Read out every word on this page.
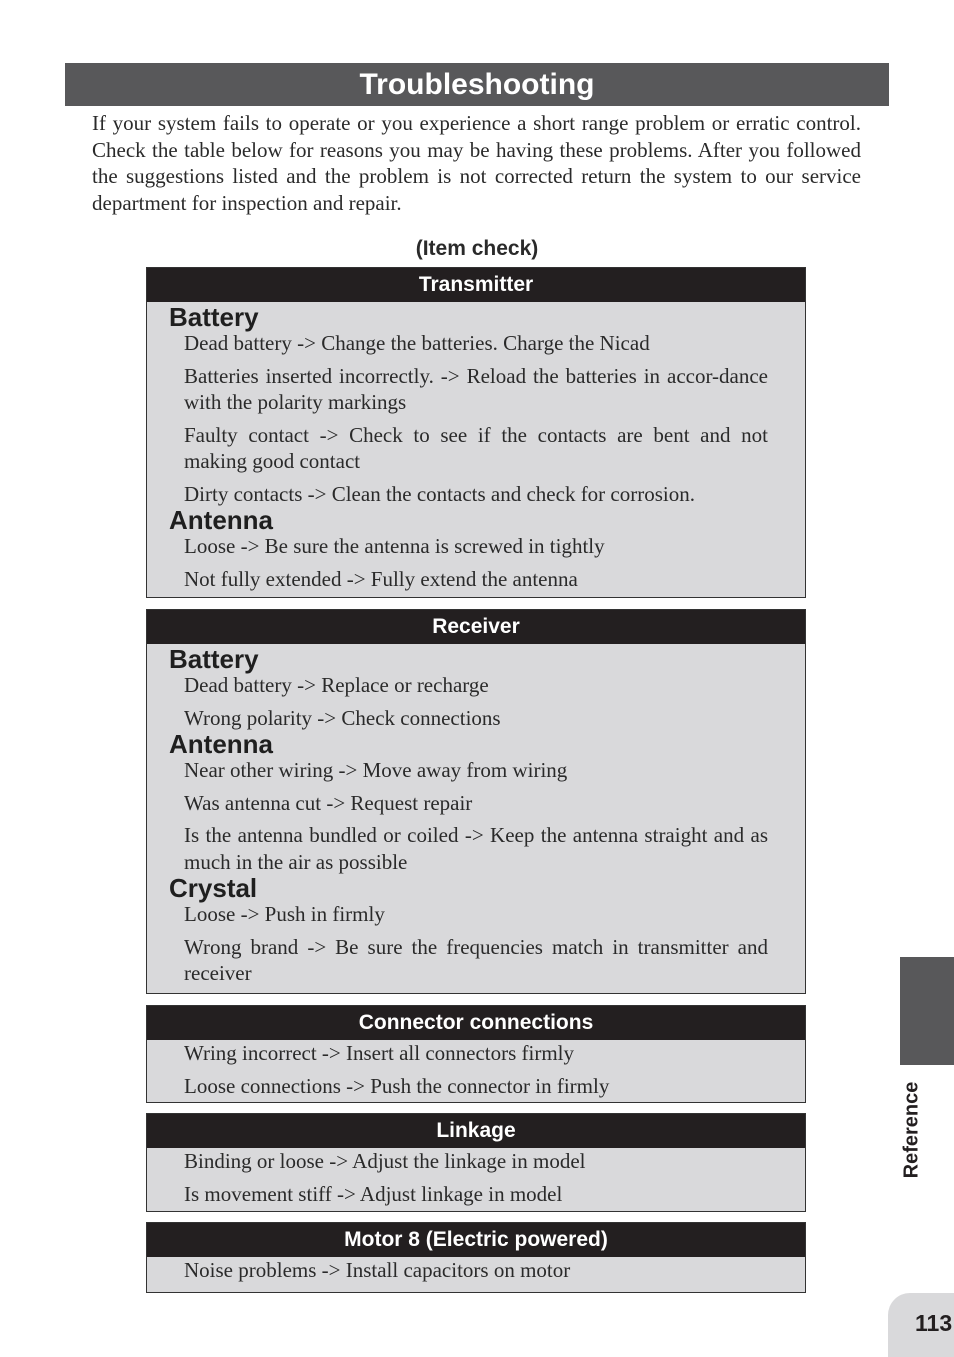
Troubleshooting

If your system fails to operate or you experience a short range problem or erratic control. Check the table below for reasons you may be having these problems. After you followed the suggestions listed and the problem is not corrected return the system to our service department for inspection and repair.

(Item check)
Transmitter
Battery

Dead battery -> Change the batteries. Charge the Nicad

Batteries inserted incorrectly. -> Reload the batteries in accor-dance with the polarity markings

Faulty contact -> Check to see if the contacts are bent and not making good contact

Dirty contacts -> Clean the contacts and check for corrosion.

Antenna

Loose -> Be sure the antenna is screwed in tightly

Not fully extended -> Fully extend the antenna

Receiver
Battery

Dead battery -> Replace or recharge

Wrong polarity -> Check connections

Antenna

Near other wiring -> Move away from wiring

Was antenna cut -> Request repair

Is the antenna bundled or coiled -> Keep the antenna straight and as much in the air as possible

Crystal

Loose -> Push in firmly

Wrong brand -> Be sure the frequencies match in transmitter and receiver

Connector connections

Wring incorrect -> Insert all connectors firmly

Loose connections -> Push the connector in firmly

Linkage

Binding or loose -> Adjust the linkage in model

Is movement stiff -> Adjust linkage in model

Motor 8 (Electric powered)

Noise problems -> Install capacitors on motor

Reference
113
